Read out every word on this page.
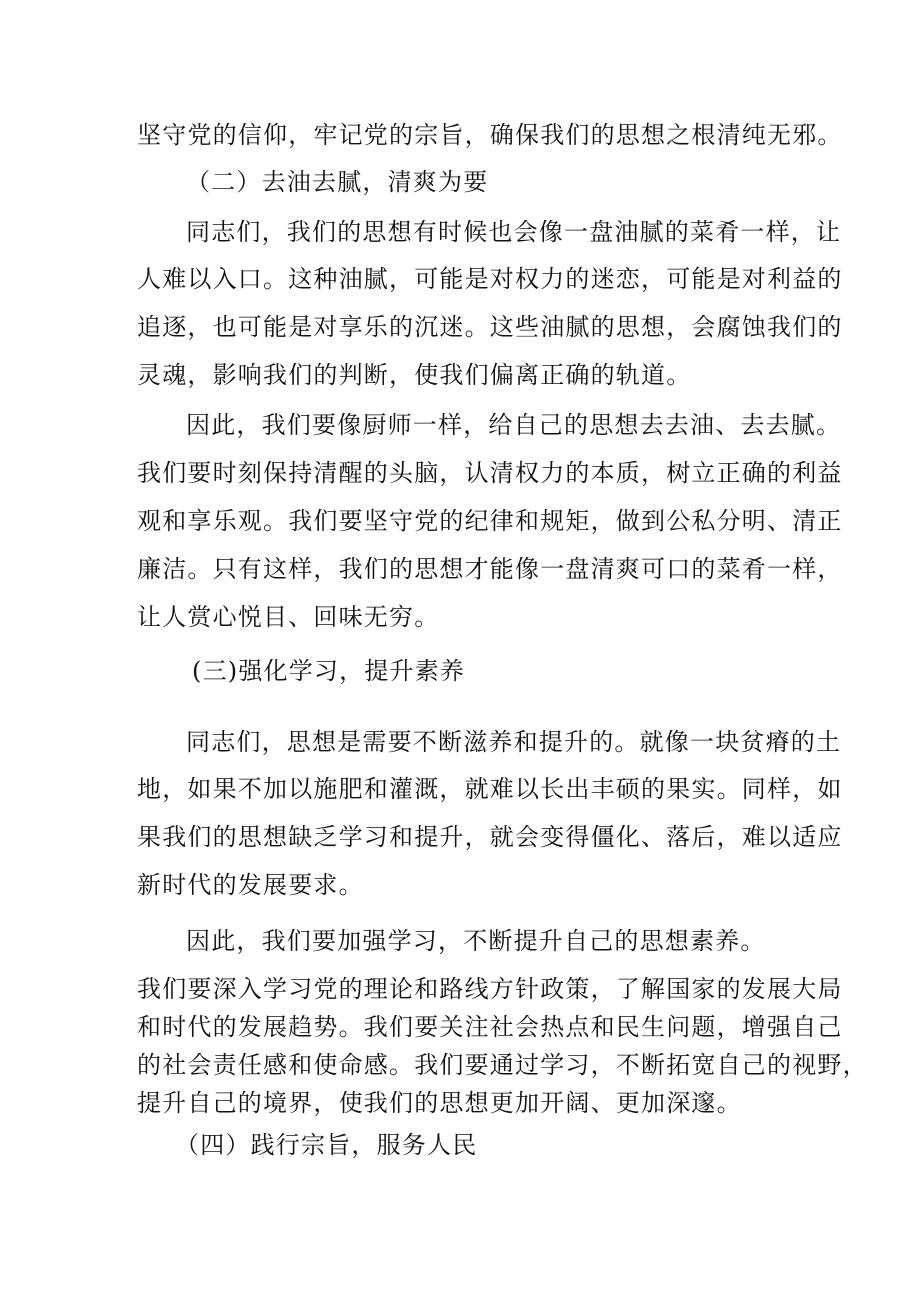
坚守党的信仰，牢记党的宗旨，确保我们的思想之根清纯无邪。
（二）去油去腻，清爽为要
同志们，我们的思想有时候也会像一盘油腻的菜肴一样，让
人难以入口。这种油腻，可能是对权力的迷恋，可能是对利益的
追逐，也可能是对享乐的沉迷。这些油腻的思想，会腐蚀我们的
灵魂，影响我们的判断，使我们偏离正确的轨道。
因此，我们要像厨师一样，给自己的思想去去油、去去腻。
我们要时刻保持清醒的头脑，认清权力的本质，树立正确的利益
观和享乐观。我们要坚守党的纪律和规矩，做到公私分明、清正
廉洁。只有这样，我们的思想才能像一盘清爽可口的菜肴一样，
让人赏心悦目、回味无穷。
(三)强化学习，提升素养
同志们，思想是需要不断滋养和提升的。就像一块贫瘠的土
地，如果不加以施肥和灌溉，就难以长出丰硕的果实。同样，如
果我们的思想缺乏学习和提升，就会变得僵化、落后，难以适应
新时代的发展要求。
因此，我们要加强学习，不断提升自己的思想素养。
我们要深入学习党的理论和路线方针政策，了解国家的发展大局
和时代的发展趋势。我们要关注社会热点和民生问题，增强自己
的社会责任感和使命感。我们要通过学习，不断拓宽自己的视野，
提升自己的境界，使我们的思想更加开阔、更加深邃。
（四）践行宗旨，服务人民
